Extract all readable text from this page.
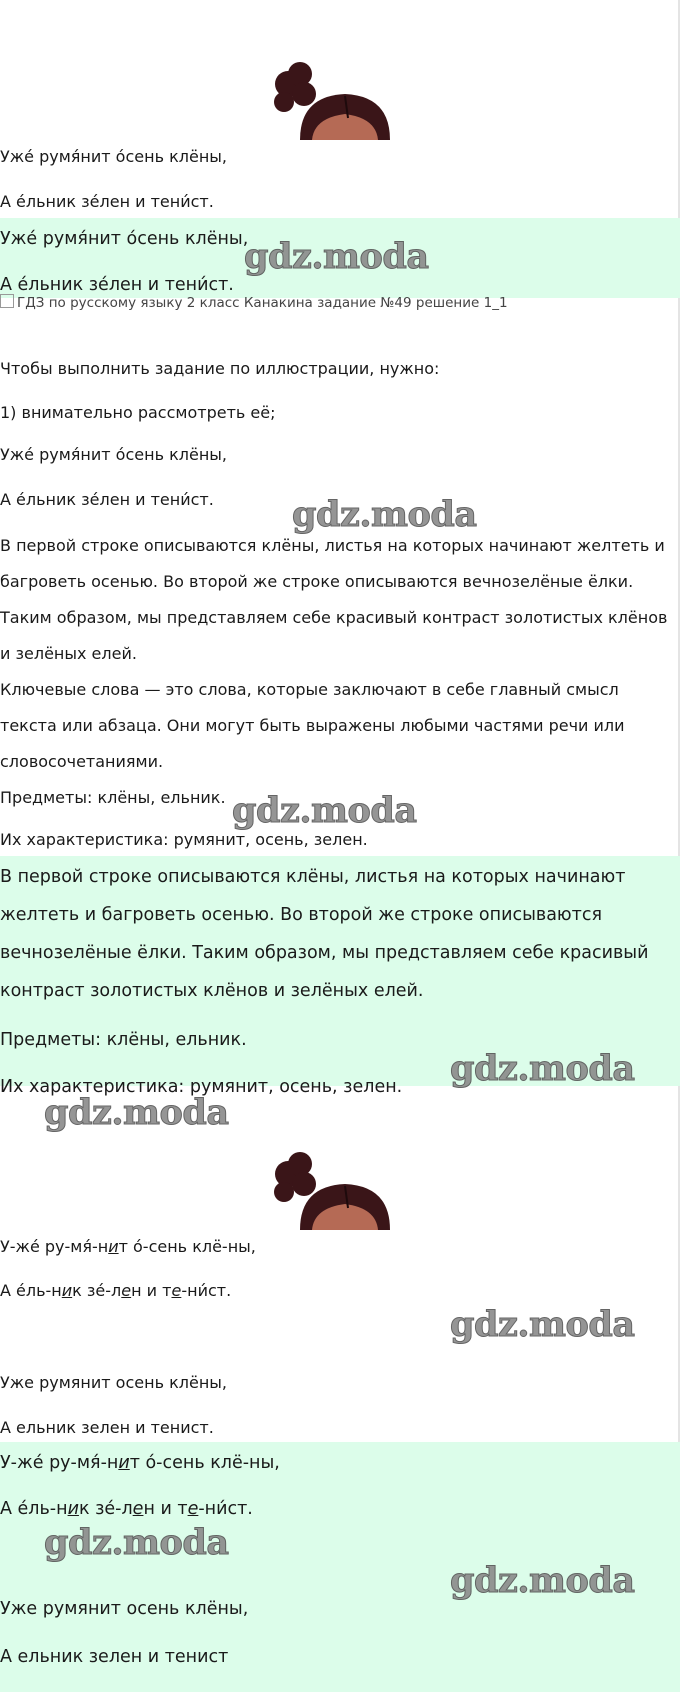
Уже́ румя́нит о́сень клёны,
А е́льник зе́лен и тени́ст.
Уже́ румя́нит о́сень клёны,
А е́льник зе́лен и тени́ст.
gdz.moda
ГДЗ по русскому языку 2 класс Канакина задание №49 решение 1_1
Чтобы выполнить задание по иллюстрации, нужно:
1) внимательно рассмотреть её;
Уже́ румя́нит о́сень клёны,
А е́льник зе́лен и тени́ст. gdz.moda
В первой строке описываются клёны, листья на которых начинают желтеть и
багроветь осенью. Во второй же строке описываются вечнозелёные ёлки.
Таким образом, мы представляем себе красивый контраст золотистых клёнов
и зелёных елей.
Ключевые слова — это слова, которые заключают в себе главный смысл
текста или абзаца. Они могут быть выражены любыми частями речи или
словосочетаниями.
Предметы: клёны, ельник.
Их характеристика: румянит, осень, зелен.
gdz.moda
В первой строке описываются клёны, листья на которых начинают
желтеть и багроветь осенью. Во второй же строке описываются
вечнозелёные ёлки. Таким образом, мы представляем себе красивый
контраст золотистых клёнов и зелёных елей.
Предметы: клёны, ельник.
Их характеристика: румянит, осень, зелен. gdz.moda
gdz.moda
У-же́ ру-мя́-нит о́-сень клё-ны,
А е́ль-ник зе́-лен и те-ни́ст.
gdz.moda
Уже румянит осень клёны,
А ельник зелен и тенист.
У-же́ ру-мя́-нит о́-сень клё-ны,
А е́ль-ник зе́-лен и те-ни́ст.
gdz.moda
gdz.moda
Уже румянит осень клёны,
А ельник зелен и тенист
